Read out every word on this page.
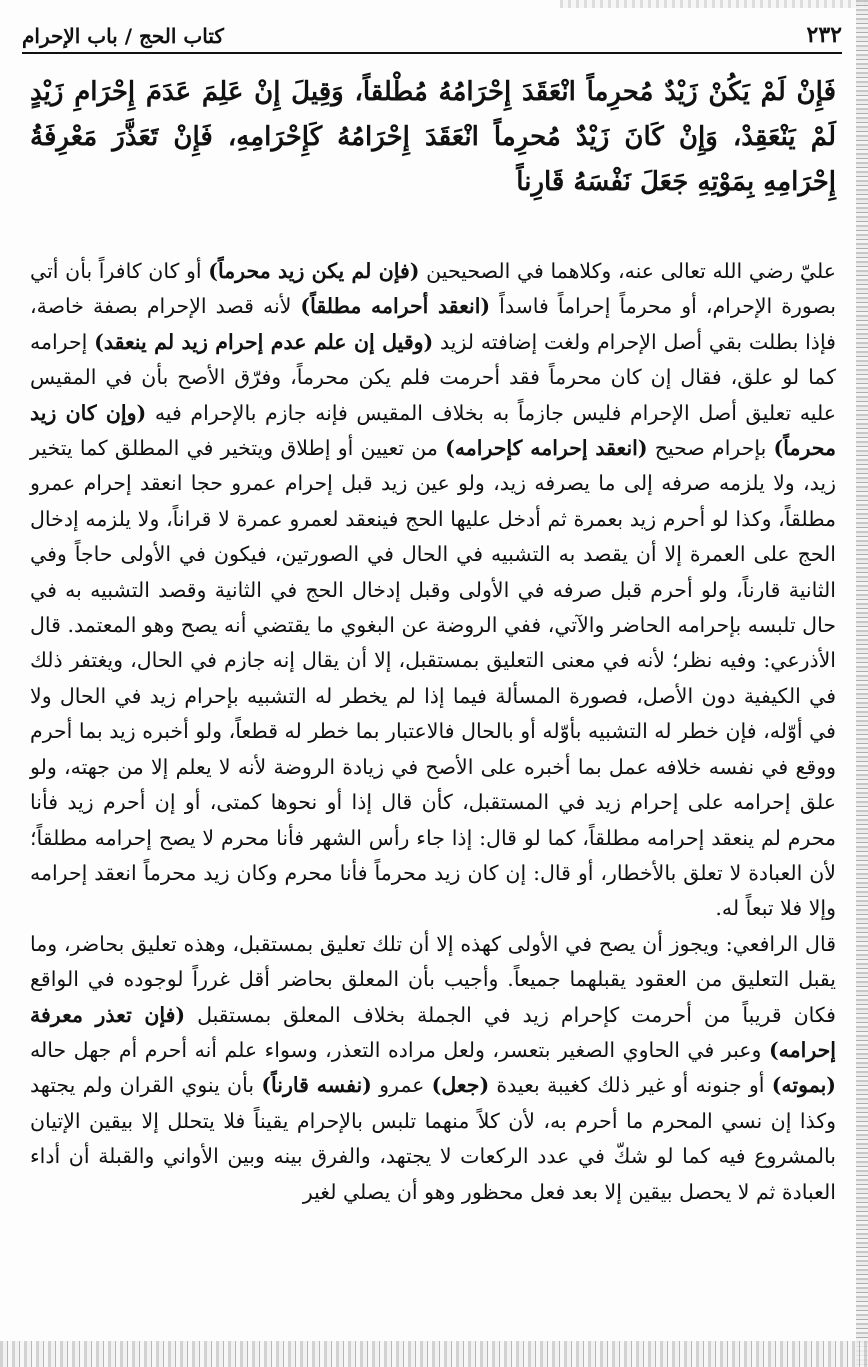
٢٣٢
كتاب الحج / باب الإحرام

فَإِنْ لَمْ يَكُنْ زَيْدٌ مُحرِماً انْعَقَدَ إِحْرَامُهُ مُطْلقاً، وَقِيلَ إِنْ عَلِمَ عَدَمَ إِحْرَامِ زَيْدٍ لَمْ يَنْعَقِدْ، وَإِنْ كَانَ زَيْدٌ مُحرِماً انْعَقَدَ إِحْرَامُهُ كَإِحْرَامِهِ، فَإِنْ تَعَذَّرَ مَعْرِفَةُ إِحْرَامِهِ بِمَوْتِهِ جَعَلَ نَفْسَهُ قَارِناً

عليّ رضي الله تعالى عنه، وكلاهما في الصحيحين (فإن لم يكن زيد محرماً) أو كان كافراً بأن أتي بصورة الإحرام، أو محرماً إحراماً فاسداً (انعقد أحرامه مطلقاً) لأنه قصد الإحرام بصفة خاصة، فإذا بطلت بقي أصل الإحرام ولغت إضافته لزيد (وقيل إن علم عدم إحرام زيد لم ينعقد) إحرامه كما لو علق، فقال إن كان محرماً فقد أحرمت فلم يكن محرماً، وفرّق الأصح بأن في المقيس عليه تعليق أصل الإحرام فليس جازماً به بخلاف المقيس فإنه جازم بالإحرام فيه (وإن كان زيد محرماً) بإحرام صحيح (انعقد إحرامه كإحرامه) من تعيين أو إطلاق ويتخير في المطلق كما يتخير زيد، ولا يلزمه صرفه إلى ما يصرفه زيد، ولو عين زيد قبل إحرام عمرو حجا انعقد إحرام عمرو مطلقاً، وكذا لو أحرم زيد بعمرة ثم أدخل عليها الحج فينعقد لعمرو عمرة لا قراناً، ولا يلزمه إدخال الحج على العمرة إلا أن يقصد به التشبيه في الحال في الصورتين، فيكون في الأولى حاجاً وفي الثانية قارناً، ولو أحرم قبل صرفه في الأولى وقبل إدخال الحج في الثانية وقصد التشبيه به في حال تلبسه بإحرامه الحاضر والآتي، ففي الروضة عن البغوي ما يقتضي أنه يصح وهو المعتمد. قال الأذرعي: وفيه نظر؛ لأنه في معنى التعليق بمستقبل، إلا أن يقال إنه جازم في الحال، ويغتفر ذلك في الكيفية دون الأصل، فصورة المسألة فيما إذا لم يخطر له التشبيه بإحرام زيد في الحال ولا في أوّله، فإن خطر له التشبيه بأوّله أو بالحال فالاعتبار بما خطر له قطعاً، ولو أخبره زيد بما أحرم ووقع في نفسه خلافه عمل بما أخبره على الأصح في زيادة الروضة لأنه لا يعلم إلا من جهته، ولو علق إحرامه على إحرام زيد في المستقبل، كأن قال إذا أو نحوها كمتى، أو إن أحرم زيد فأنا محرم لم ينعقد إحرامه مطلقاً، كما لو قال: إذا جاء رأس الشهر فأنا محرم لا يصح إحرامه مطلقاً؛ لأن العبادة لا تعلق بالأخطار، أو قال: إن كان زيد محرماً فأنا محرم وكان زيد محرماً انعقد إحرامه وإلا فلا تبعاً له.

قال الرافعي: ويجوز أن يصح في الأولى كهذه إلا أن تلك تعليق بمستقبل، وهذه تعليق بحاضر، وما يقبل التعليق من العقود يقبلهما جميعاً. وأجيب بأن المعلق بحاضر أقل غرراً لوجوده في الواقع فكان قريباً من أحرمت كإحرام زيد في الجملة بخلاف المعلق بمستقبل (فإن تعذر معرفة إحرامه) وعبر في الحاوي الصغير بتعسر، ولعل مراده التعذر، وسواء علم أنه أحرم أم جهل حاله (بموته) أو جنونه أو غير ذلك كغيبة بعيدة (جعل) عمرو (نفسه قارناً) بأن ينوي القران ولم يجتهد وكذا إن نسي المحرم ما أحرم به، لأن كلاً منهما تلبس بالإحرام يقيناً فلا يتحلل إلا بيقين الإتيان بالمشروع فيه كما لو شكّ في عدد الركعات لا يجتهد، والفرق بينه وبين الأواني والقبلة أن أداء العبادة ثم لا يحصل بيقين إلا بعد فعل محظور وهو أن يصلي لغير
